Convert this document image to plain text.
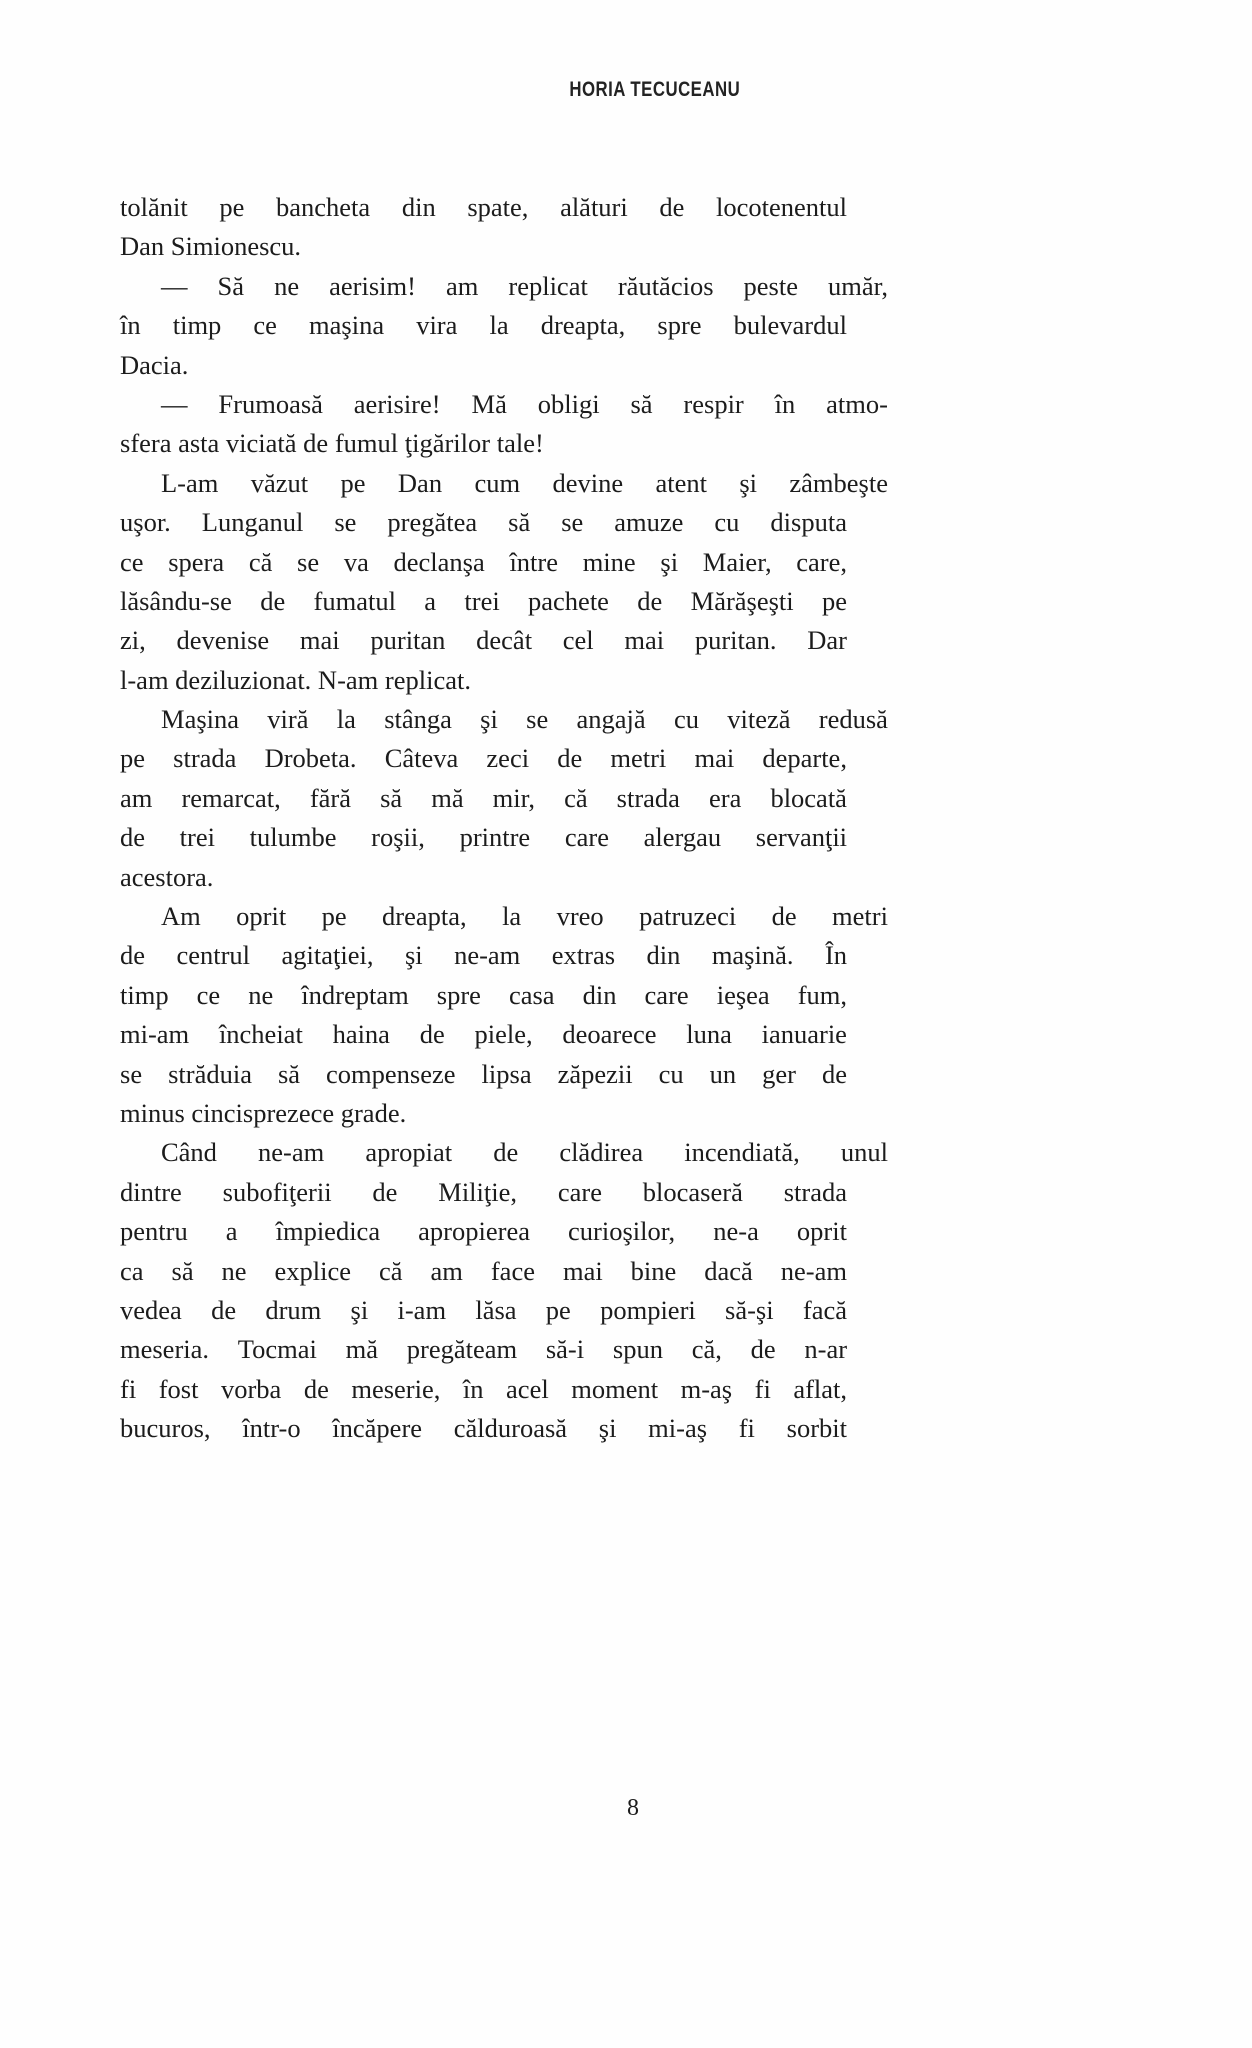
HORIA TECUCEANU
tolănit pe bancheta din spate, alături de locotenentul
Dan Simionescu.
— Să ne aerisim! am replicat răutăcios peste umăr,
în timp ce maşina vira la dreapta, spre bulevardul
Dacia.
— Frumoasă aerisire! Mă obligi să respir în atmo-
sfera asta viciată de fumul ţigărilor tale!
L-am văzut pe Dan cum devine atent şi zâmbeşte
uşor. Lunganul se pregătea să se amuze cu disputa
ce spera că se va declanşa între mine şi Maier, care,
lăsându-se de fumatul a trei pachete de Mărăşeşti pe
zi, devenise mai puritan decât cel mai puritan. Dar
l-am deziluzionat. N-am replicat.
Maşina viră la stânga şi se angajă cu viteză redusă
pe strada Drobeta. Câteva zeci de metri mai departe,
am remarcat, fără să mă mir, că strada era blocată
de trei tulumbe roşii, printre care alergau servanţii
acestora.
Am oprit pe dreapta, la vreo patruzeci de metri
de centrul agitaţiei, şi ne-am extras din maşină. În
timp ce ne îndreptam spre casa din care ieşea fum,
mi-am încheiat haina de piele, deoarece luna ianuarie
se străduia să compenseze lipsa zăpezii cu un ger de
minus cincisprezece grade.
Când ne-am apropiat de clădirea incendiată, unul
dintre subofiţerii de Miliţie, care blocaseră strada
pentru a împiedica apropierea curioşilor, ne-a oprit
ca să ne explice că am face mai bine dacă ne-am
vedea de drum şi i-am lăsa pe pompieri să-şi facă
meseria. Tocmai mă pregăteam să-i spun că, de n-ar
fi fost vorba de meserie, în acel moment m-aş fi aflat,
bucuros, într-o încăpere călduroasă şi mi-aş fi sorbit
8
